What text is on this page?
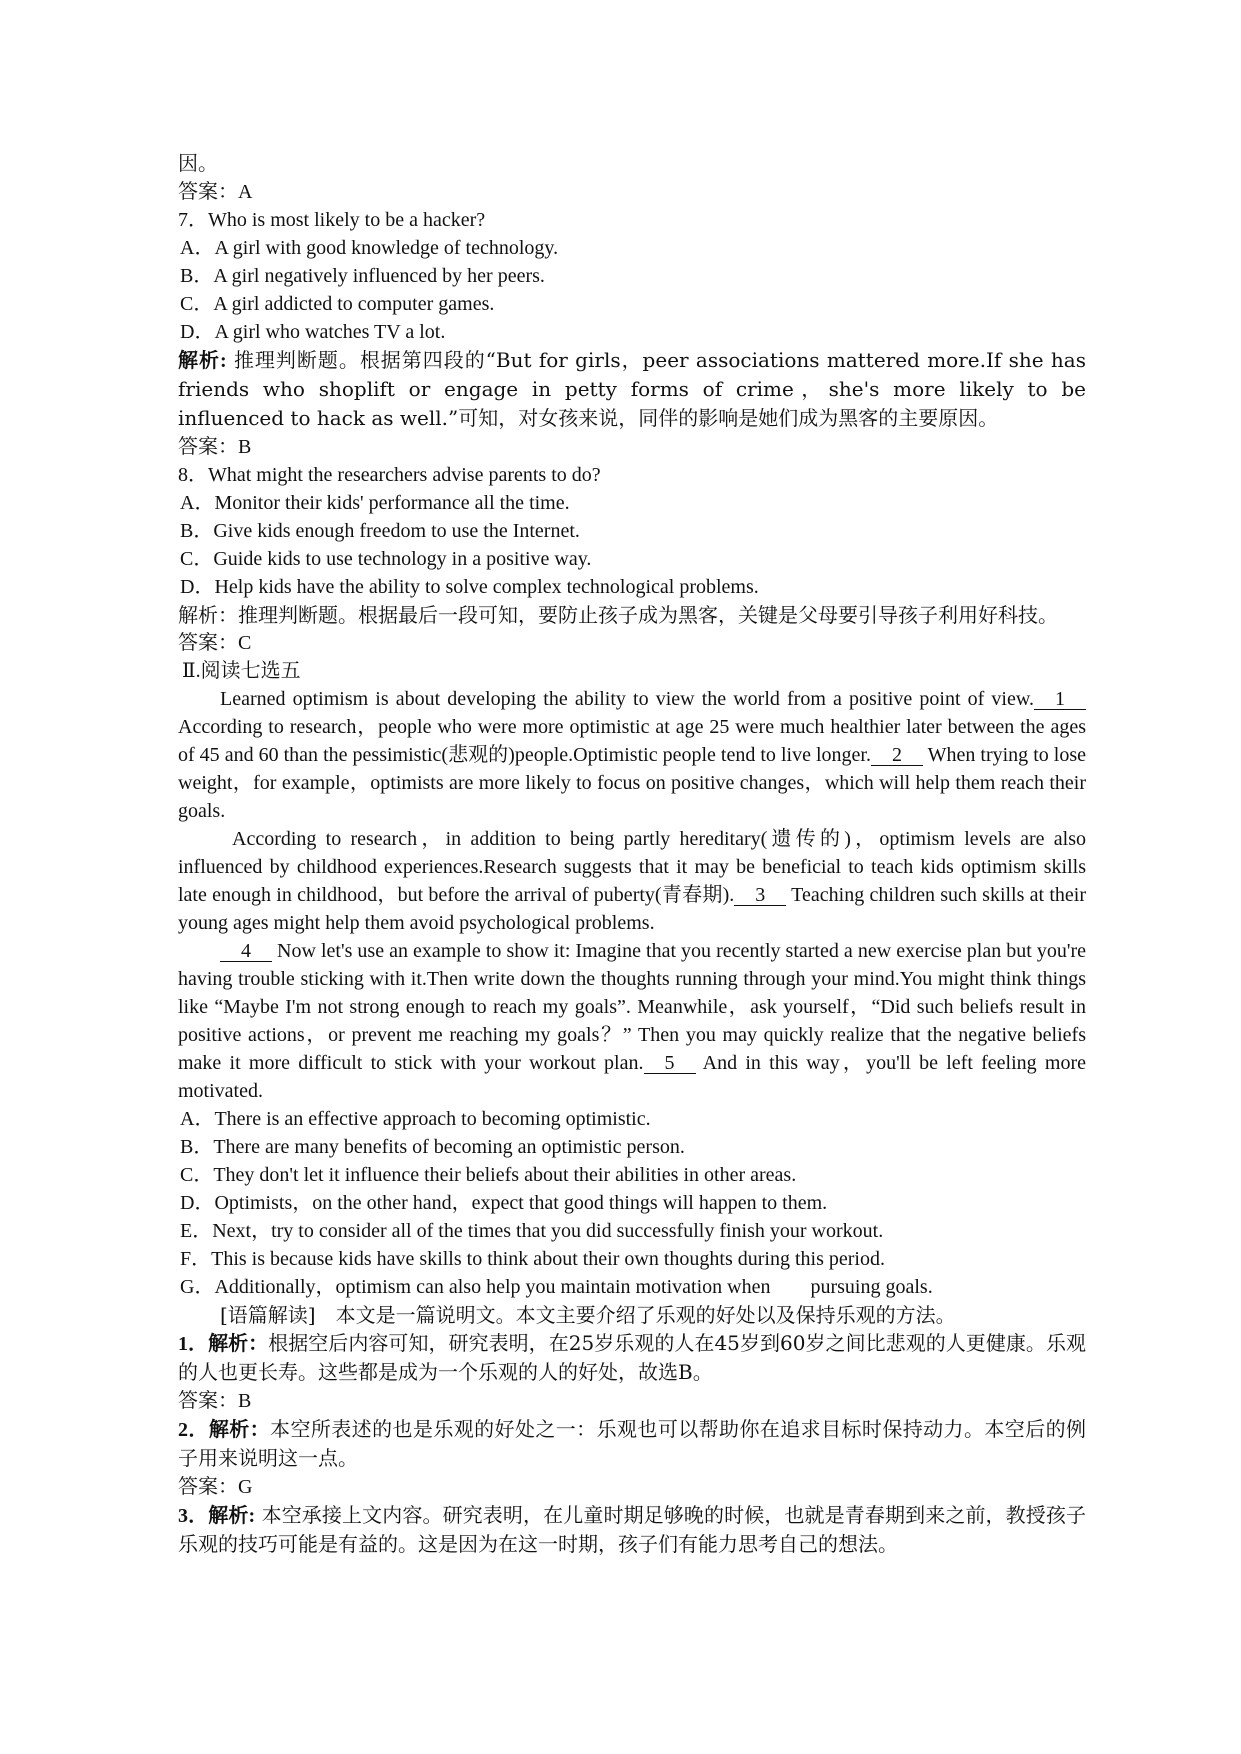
因。
答案：A
7．Who is most likely to be a hacker?
A．A girl with good knowledge of technology.
B．A girl negatively influenced by her peers.
C．A girl addicted to computer games.
D．A girl who watches TV a lot.
解析: 推理判断题。根据第四段的“But for girls，peer associations mattered more.If she has friends who shoplift or engage in petty forms of crime，she's more likely to be influenced to hack as well.”可知，对女孩来说，同伴的影响是她们成为黑客的主要原因。
答案：B
8．What might the researchers advise parents to do?
A．Monitor their kids' performance all the time.
B．Give kids enough freedom to use the Internet.
C．Guide kids to use technology in a positive way.
D．Help kids have the ability to solve complex technological problems.
解析：推理判断题。根据最后一段可知，要防止孩子成为黑客，关键是父母要引导孩子利用好科技。
答案：C
Ⅱ.阅读七选五
Learned optimism is about developing the ability to view the world from a positive point of view. 1 According to research，people who were more optimistic at age 25 were much healthier later between the ages of 45 and 60 than the pessimistic(悲观的)people.Optimistic people tend to live longer. 2 When trying to lose weight，for example，optimists are more likely to focus on positive changes，which will help them reach their goals.
According to research，in addition to being partly hereditary(遗传的)，optimism levels are also influenced by childhood experiences.Research suggests that it may be beneficial to teach kids optimism skills late enough in childhood，but before the arrival of puberty(青春期). 3 Teaching children such skills at their young ages might help them avoid psychological problems.
4 Now let's use an example to show it: Imagine that you recently started a new exercise plan but you're having trouble sticking with it.Then write down the thoughts running through your mind.You might think things like “Maybe I'm not strong enough to reach my goals”. Meanwhile，ask yourself，“Did such beliefs result in positive actions，or prevent me reaching my goals？” Then you may quickly realize that the negative beliefs make it more difficult to stick with your workout plan. 5 And in this way，you'll be left feeling more motivated.
A．There is an effective approach to becoming optimistic.
B．There are many benefits of becoming an optimistic person.
C．They don't let it influence their beliefs about their abilities in other areas.
D．Optimists，on the other hand，expect that good things will happen to them.
E．Next，try to consider all of the times that you did successfully finish your workout.
F．This is because kids have skills to think about their own thoughts during this period.
G．Additionally，optimism can also help you maintain motivation when　　pursuing goals.
[语篇解读]　本文是一篇说明文。本文主要介绍了乐观的好处以及保持乐观的方法。
1．解析：根据空后内容可知，研究表明，在25岁乐观的人在45岁到60岁之间比悲观的人更健康。乐观的人也更长寿。这些都是成为一个乐观的人的好处，故选B。
答案：B
2．解析：本空所表述的也是乐观的好处之一：乐观也可以帮助你在追求目标时保持动力。本空后的例子用来说明这一点。
答案：G
3．解析: 本空承接上文内容。研究表明，在儿童时期足够晚的时候，也就是青春期到来之前，教授孩子乐观的技巧可能是有益的。这是因为在这一时期，孩子们有能力思考自己的想法。
